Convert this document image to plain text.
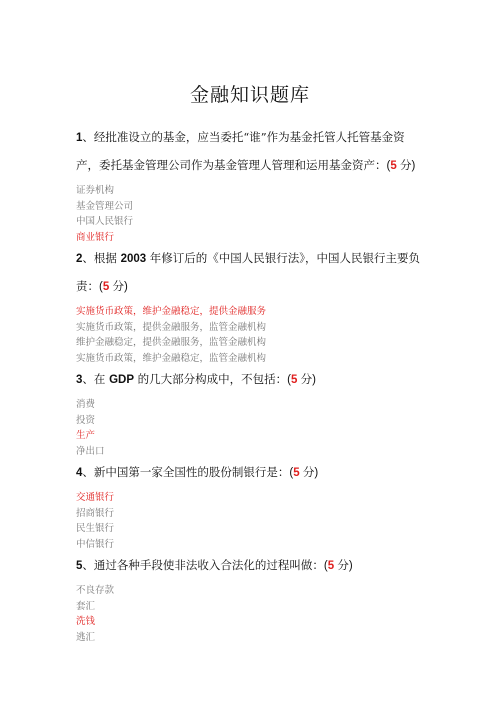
金融知识题库

1、经批准设立的基金，应当委托“谁”作为基金托管人托管基金资产，委托基金管理公司作为基金管理人管理和运用基金资产：(5 分)

证券机构
基金管理公司
中国人民银行
商业银行

2、根据 2003 年修订后的《中国人民银行法》，中国人民银行主要负责：(5 分)

实施货币政策，维护金融稳定，提供金融服务
实施货币政策，提供金融服务，监管金融机构
维护金融稳定，提供金融服务，监管金融机构
实施货币政策，维护金融稳定，监管金融机构

3、在 GDP 的几大部分构成中，不包括：(5 分)

消费
投资
生产
净出口

4、新中国第一家全国性的股份制银行是：(5 分)

交通银行
招商银行
民生银行
中信银行

5、通过各种手段使非法收入合法化的过程叫做：(5 分)

不良存款
套汇
洗钱
逃汇
